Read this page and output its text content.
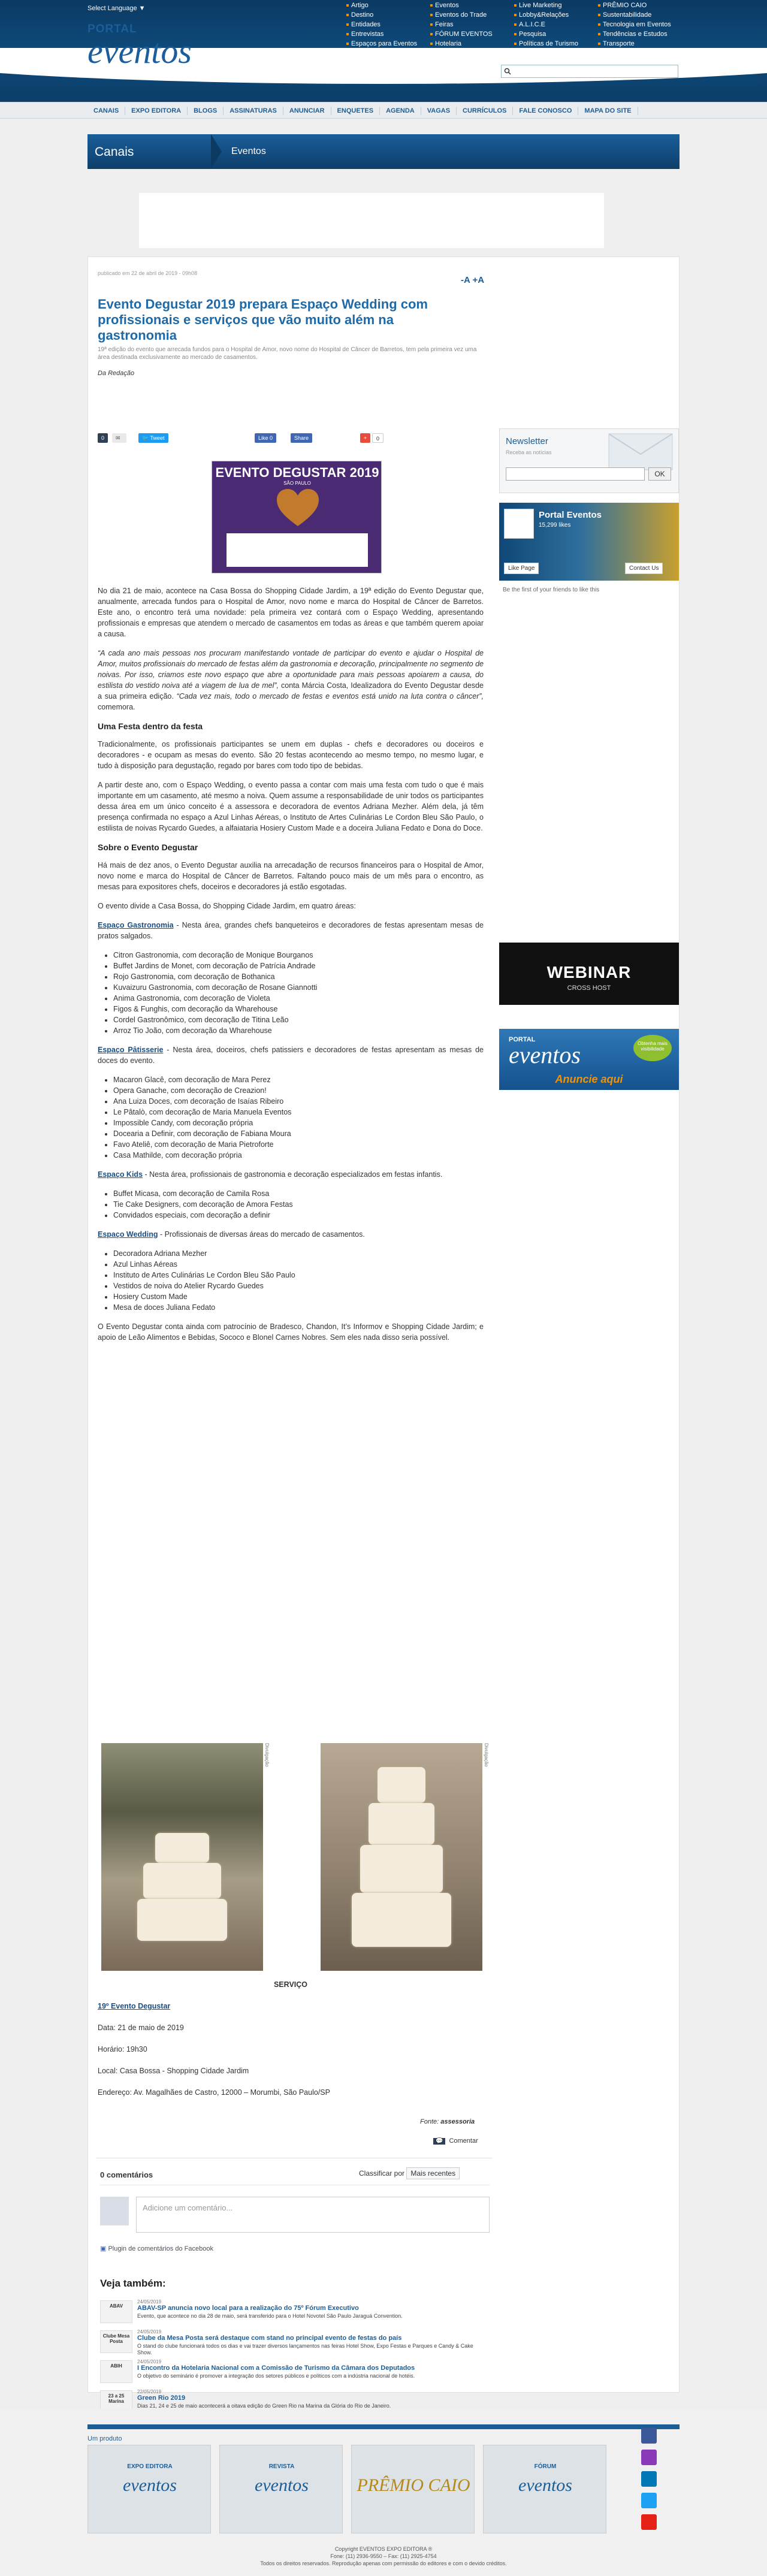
Select Language ▼
PORTAL
eventos
Artigo	Eventos	Live Marketing	PRÊMIO CAIO
Destino	Eventos do Trade	Lobby&Relações	Sustentabilidade
Entidades	Feiras	A.L.I.C.E	Tecnologia em Eventos
Entrevistas	FÓRUM EVENTOS	Pesquisa	Tendências e Estudos
Espaços para Eventos	Hotelaria	Políticas de Turismo	Transporte
Acessar Conta / Cadastre-se
CANAIS	EXPO EDITORA	BLOGS	ASSINATURAS	ANUNCIAR	ENQUETES	AGENDA	VAGAS	CURRÍCULOS	FALE CONOSCO	MAPA DO SITE
Canais	Eventos
publicado em 22 de abril de 2019 - 09h08
-A +A
Evento Degustar 2019 prepara Espaço Wedding com profissionais e serviços que vão muito além na gastronomia
19ª edição do evento que arrecada fundos para o Hospital de Amor, novo nome do Hospital de Câncer de Barretos, tem pela primeira vez uma área destinada exclusivamente ao mercado de casamentos.
Da Redação
0	✉	🐦 Tweet	Like 0	Share	+	0
EVENTO DEGUSTAR 2019
SÃO PAULO

No dia 21 de maio, acontece na Casa Bossa do Shopping Cidade Jardim, a 19ª edição do Evento Degustar que, anualmente, arrecada fundos para o Hospital de Amor, novo nome e marca do Hospital de Câncer de Barretos. Este ano, o encontro terá uma novidade: pela primeira vez contará com o Espaço Wedding, apresentando profissionais e empresas que atendem o mercado de casamentos em todas as áreas e que também querem apoiar a causa.

“A cada ano mais pessoas nos procuram manifestando vontade de participar do evento e ajudar o Hospital de Amor, muitos profissionais do mercado de festas além da gastronomia e decoração, principalmente no segmento de noivas. Por isso, criamos este novo espaço que abre a oportunidade para mais pessoas apoiarem a causa, do estilista do vestido noiva até a viagem de lua de mel”, conta Márcia Costa, Idealizadora do Evento Degustar desde a sua primeira edição. “Cada vez mais, todo o mercado de festas e eventos está unido na luta contra o câncer”, comemora.

Uma Festa dentro da festa

Tradicionalmente, os profissionais participantes se unem em duplas - chefs e decoradores ou doceiros e decoradores - e ocupam as mesas do evento. São 20 festas acontecendo ao mesmo tempo, no mesmo lugar, e tudo à disposição para degustação, regado por bares com todo tipo de bebidas.

A partir deste ano, com o Espaço Wedding, o evento passa a contar com mais uma festa com tudo o que é mais importante em um casamento, até mesmo a noiva. Quem assume a responsabilidade de unir todos os participantes dessa área em um único conceito é a assessora e decoradora de eventos Adriana Mezher. Além dela, já têm presença confirmada no espaço a Azul Linhas Aéreas, o Instituto de Artes Culinárias Le Cordon Bleu São Paulo, o estilista de noivas Rycardo Guedes, a alfaiataria Hosiery Custom Made e a doceira Juliana Fedato e Dona do Doce.

Sobre o Evento Degustar

Há mais de dez anos, o Evento Degustar auxilia na arrecadação de recursos financeiros para o Hospital de Amor, novo nome e marca do Hospital de Câncer de Barretos. Faltando pouco mais de um mês para o encontro, as mesas para expositores chefs, doceiros e decoradores já estão esgotadas.

O evento divide a Casa Bossa, do Shopping Cidade Jardim, em quatro áreas:

Espaço Gastronomia - Nesta área, grandes chefs banqueteiros e decoradores de festas apresentam mesas de pratos salgados.

• Citron Gastronomia, com decoração de Monique Bourganos
• Buffet Jardins de Monet, com decoração de Patrícia Andrade
• Rojo Gastronomia, com decoração de Bothanica
• Kuvaizuru Gastronomia, com decoração de Rosane Giannotti
• Anima Gastronomia, com decoração de Violeta
• Figos & Funghis, com decoração da Wharehouse
• Cordel Gastronômico, com decoração de Titina Leão
• Arroz Tio João, com decoração da Wharehouse

Espaço Pâtisserie - Nesta área, doceiros, chefs patissiers e decoradores de festas apresentam as mesas de doces do evento.

• Macaron Glacê, com decoração de Mara Perez
• Opera Ganache, com decoração de Creazion!
• Ana Luiza Doces, com decoração de Isaías Ribeiro
• Le Pâtalò, com decoração de Maria Manuela Eventos
• Impossible Candy, com decoração própria
• Docearia a Definir, com decoração de Fabiana Moura
• Favo Ateliê, com decoração de Maria Pietroforte
• Casa Mathilde, com decoração própria

Espaço Kids - Nesta área, profissionais de gastronomia e decoração especializados em festas infantis.

• Buffet Micasa, com decoração de Camila Rosa
• Tie Cake Designers, com decoração de Amora Festas
• Convidados especiais, com decoração a definir

Espaço Wedding - Profissionais de diversas áreas do mercado de casamentos.

• Decoradora Adriana Mezher
• Azul Linhas Aéreas
• Instituto de Artes Culinárias Le Cordon Bleu São Paulo
• Vestidos de noiva do Atelier Rycardo Guedes
• Hosiery Custom Made
• Mesa de doces Juliana Fedato

O Evento Degustar conta ainda com patrocínio de Bradesco, Chandon, It’s Informov e Shopping Cidade Jardim; e apoio de Leão Alimentos e Bebidas, Sococo e Blonel Carnes Nobres. Sem eles nada disso seria possível.

Divulgação	Divulgação

SERVIÇO

19º Evento Degustar

Data: 21 de maio de 2019

Horário: 19h30

Local: Casa Bossa - Shopping Cidade Jardim

Endereço: Av. Magalhães de Castro, 12000 – Morumbi, São Paulo/SP

Fonte: assessoria
💬 Comentar
0 comentários	Classificar por Mais recentes
Adicione um comentário...
▣ Plugin de comentários do Facebook
Veja também:
ABAV
24/05/2019
ABAV-SP anuncia novo local para a realização do 75º Fórum Executivo
Evento, que acontece no dia 28 de maio, será transferido para o Hotel Novotel São Paulo Jaraguá Convention.
Clube Mesa Posta
24/05/2019
Clube da Mesa Posta será destaque com stand no principal evento de festas do país
O stand do clube funcionará todos os dias e vai trazer diversos lançamentos nas feiras Hotel Show, Expo Festas e Parques e Candy & Cake Show.
ABIH
24/05/2019
I Encontro da Hotelaria Nacional com a Comissão de Turismo da Câmara dos Deputados
O objetivo do seminário é promover a integração dos setores públicos e políticos com a indústria nacional de hotéis.
23 a 25 Marina
22/05/2019
Green Rio 2019
Dias 21, 24 e 25 de maio acontecerá a oitava edição do Green Rio na Marina da Glória do Rio de Janeiro.
Newsletter
Receba as notícias
OK
Portal Eventos
15,299 likes
Like Page	Contact Us
Be the first of your friends to like this
WEBINAR
CROSS HOST
PORTAL
eventos
Anuncie aqui
Obtenha mais visibilidade
Um produto
EXPO EDITORA
eventos
REVISTA
eventos	PRÊMIO CAIO
FÓRUM
eventos
Copyright EVENTOS EXPO EDITORA ®
Fone: (11) 2936-9550 – Fax: (11) 2925-4754
Todos os direitos reservados. Reprodução apenas com permissão do editores e com o devido créditos.
